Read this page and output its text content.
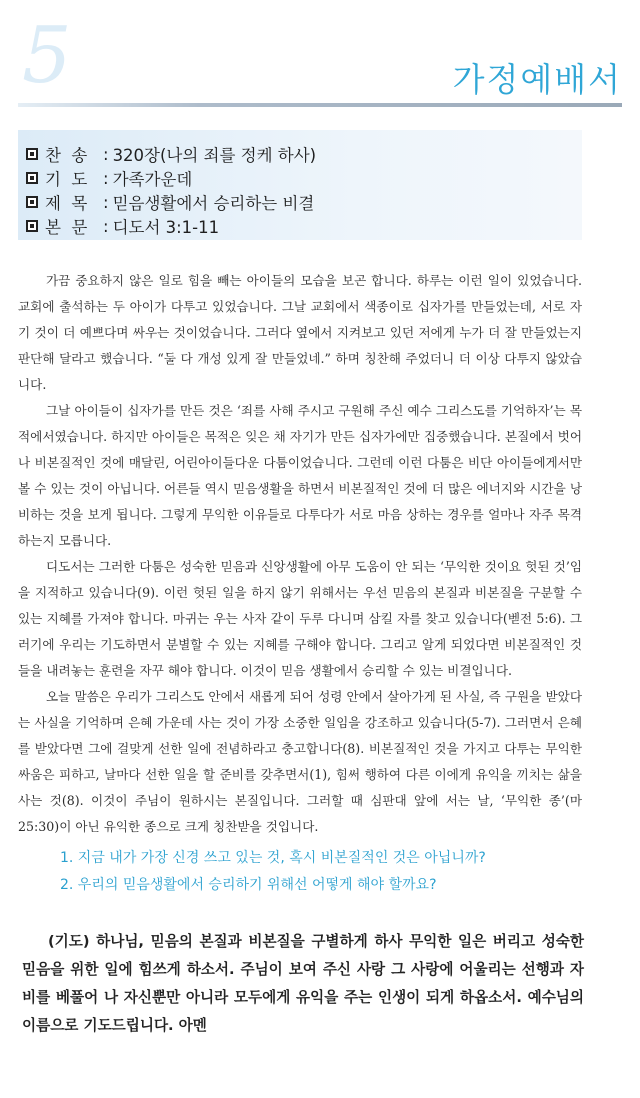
5	가정예배서
찬  송 : 320장(나의 죄를 정케 하사)
기  도 : 가족가운데
제  목 : 믿음생활에서 승리하는 비결
본  문 : 디도서 3:1-11

가끔 중요하지 않은 일로 힘을 빼는 아이들의 모습을 보곤 합니다. 하루는 이런 일이 있었습니다. 교회에 출석하는 두 아이가 다투고 있었습니다. 그날 교회에서 색종이로 십자가를 만들었는데, 서로 자기 것이 더 예쁘다며 싸우는 것이었습니다. 그러다 옆에서 지켜보고 있던 저에게 누가 더 잘 만들었는지 판단해 달라고 했습니다. “둘 다 개성 있게 잘 만들었네.” 하며 칭찬해 주었더니 더 이상 다투지 않았습니다.

그날 아이들이 십자가를 만든 것은 ‘죄를 사해 주시고 구원해 주신 예수 그리스도를 기억하자’는 목적에서였습니다. 하지만 아이들은 목적은 잊은 채 자기가 만든 십자가에만 집중했습니다. 본질에서 벗어나 비본질적인 것에 매달린, 어린아이들다운 다툼이었습니다. 그런데 이런 다툼은 비단 아이들에게서만 볼 수 있는 것이 아닙니다. 어른들 역시 믿음생활을 하면서 비본질적인 것에 더 많은 에너지와 시간을 낭비하는 것을 보게 됩니다. 그렇게 무익한 이유들로 다투다가 서로 마음 상하는 경우를 얼마나 자주 목격하는지 모릅니다.

디도서는 그러한 다툼은 성숙한 믿음과 신앙생활에 아무 도움이 안 되는 ‘무익한 것이요 헛된 것’임을 지적하고 있습니다(9). 이런 헛된 일을 하지 않기 위해서는 우선 믿음의 본질과 비본질을 구분할 수 있는 지혜를 가져야 합니다. 마귀는 우는 사자 같이 두루 다니며 삼킬 자를 찾고 있습니다(벧전 5:6). 그러기에 우리는 기도하면서 분별할 수 있는 지혜를 구해야 합니다. 그리고 알게 되었다면 비본질적인 것들을 내려놓는 훈련을 자꾸 해야 합니다. 이것이 믿음 생활에서 승리할 수 있는 비결입니다.

오늘 말씀은 우리가 그리스도 안에서 새롭게 되어 성령 안에서 살아가게 된 사실, 즉 구원을 받았다는 사실을 기억하며 은혜 가운데 사는 것이 가장 소중한 일임을 강조하고 있습니다(5-7). 그러면서 은혜를 받았다면 그에 걸맞게 선한 일에 전념하라고 충고합니다(8). 비본질적인 것을 가지고 다투는 무익한 싸움은 피하고, 날마다 선한 일을 할 준비를 갖추면서(1), 힘써 행하여 다른 이에게 유익을 끼치는 삶을 사는 것(8). 이것이 주님이 원하시는 본질입니다. 그러할 때 심판대 앞에 서는 날, ‘무익한 종’(마 25:30)이 아닌 유익한 종으로 크게 칭찬받을 것입니다.

1. 지금 내가 가장 신경 쓰고 있는 것, 혹시 비본질적인 것은 아닙니까?
2. 우리의 믿음생활에서 승리하기 위해선 어떻게 해야 할까요?
(기도) 하나님, 믿음의 본질과 비본질을 구별하게 하사 무익한 일은 버리고 성숙한 믿음을 위한 일에 힘쓰게 하소서. 주님이 보여 주신 사랑 그 사랑에 어울리는 선행과 자비를 베풀어 나 자신뿐만 아니라 모두에게 유익을 주는 인생이 되게 하옵소서. 예수님의 이름으로 기도드립니다. 아멘
